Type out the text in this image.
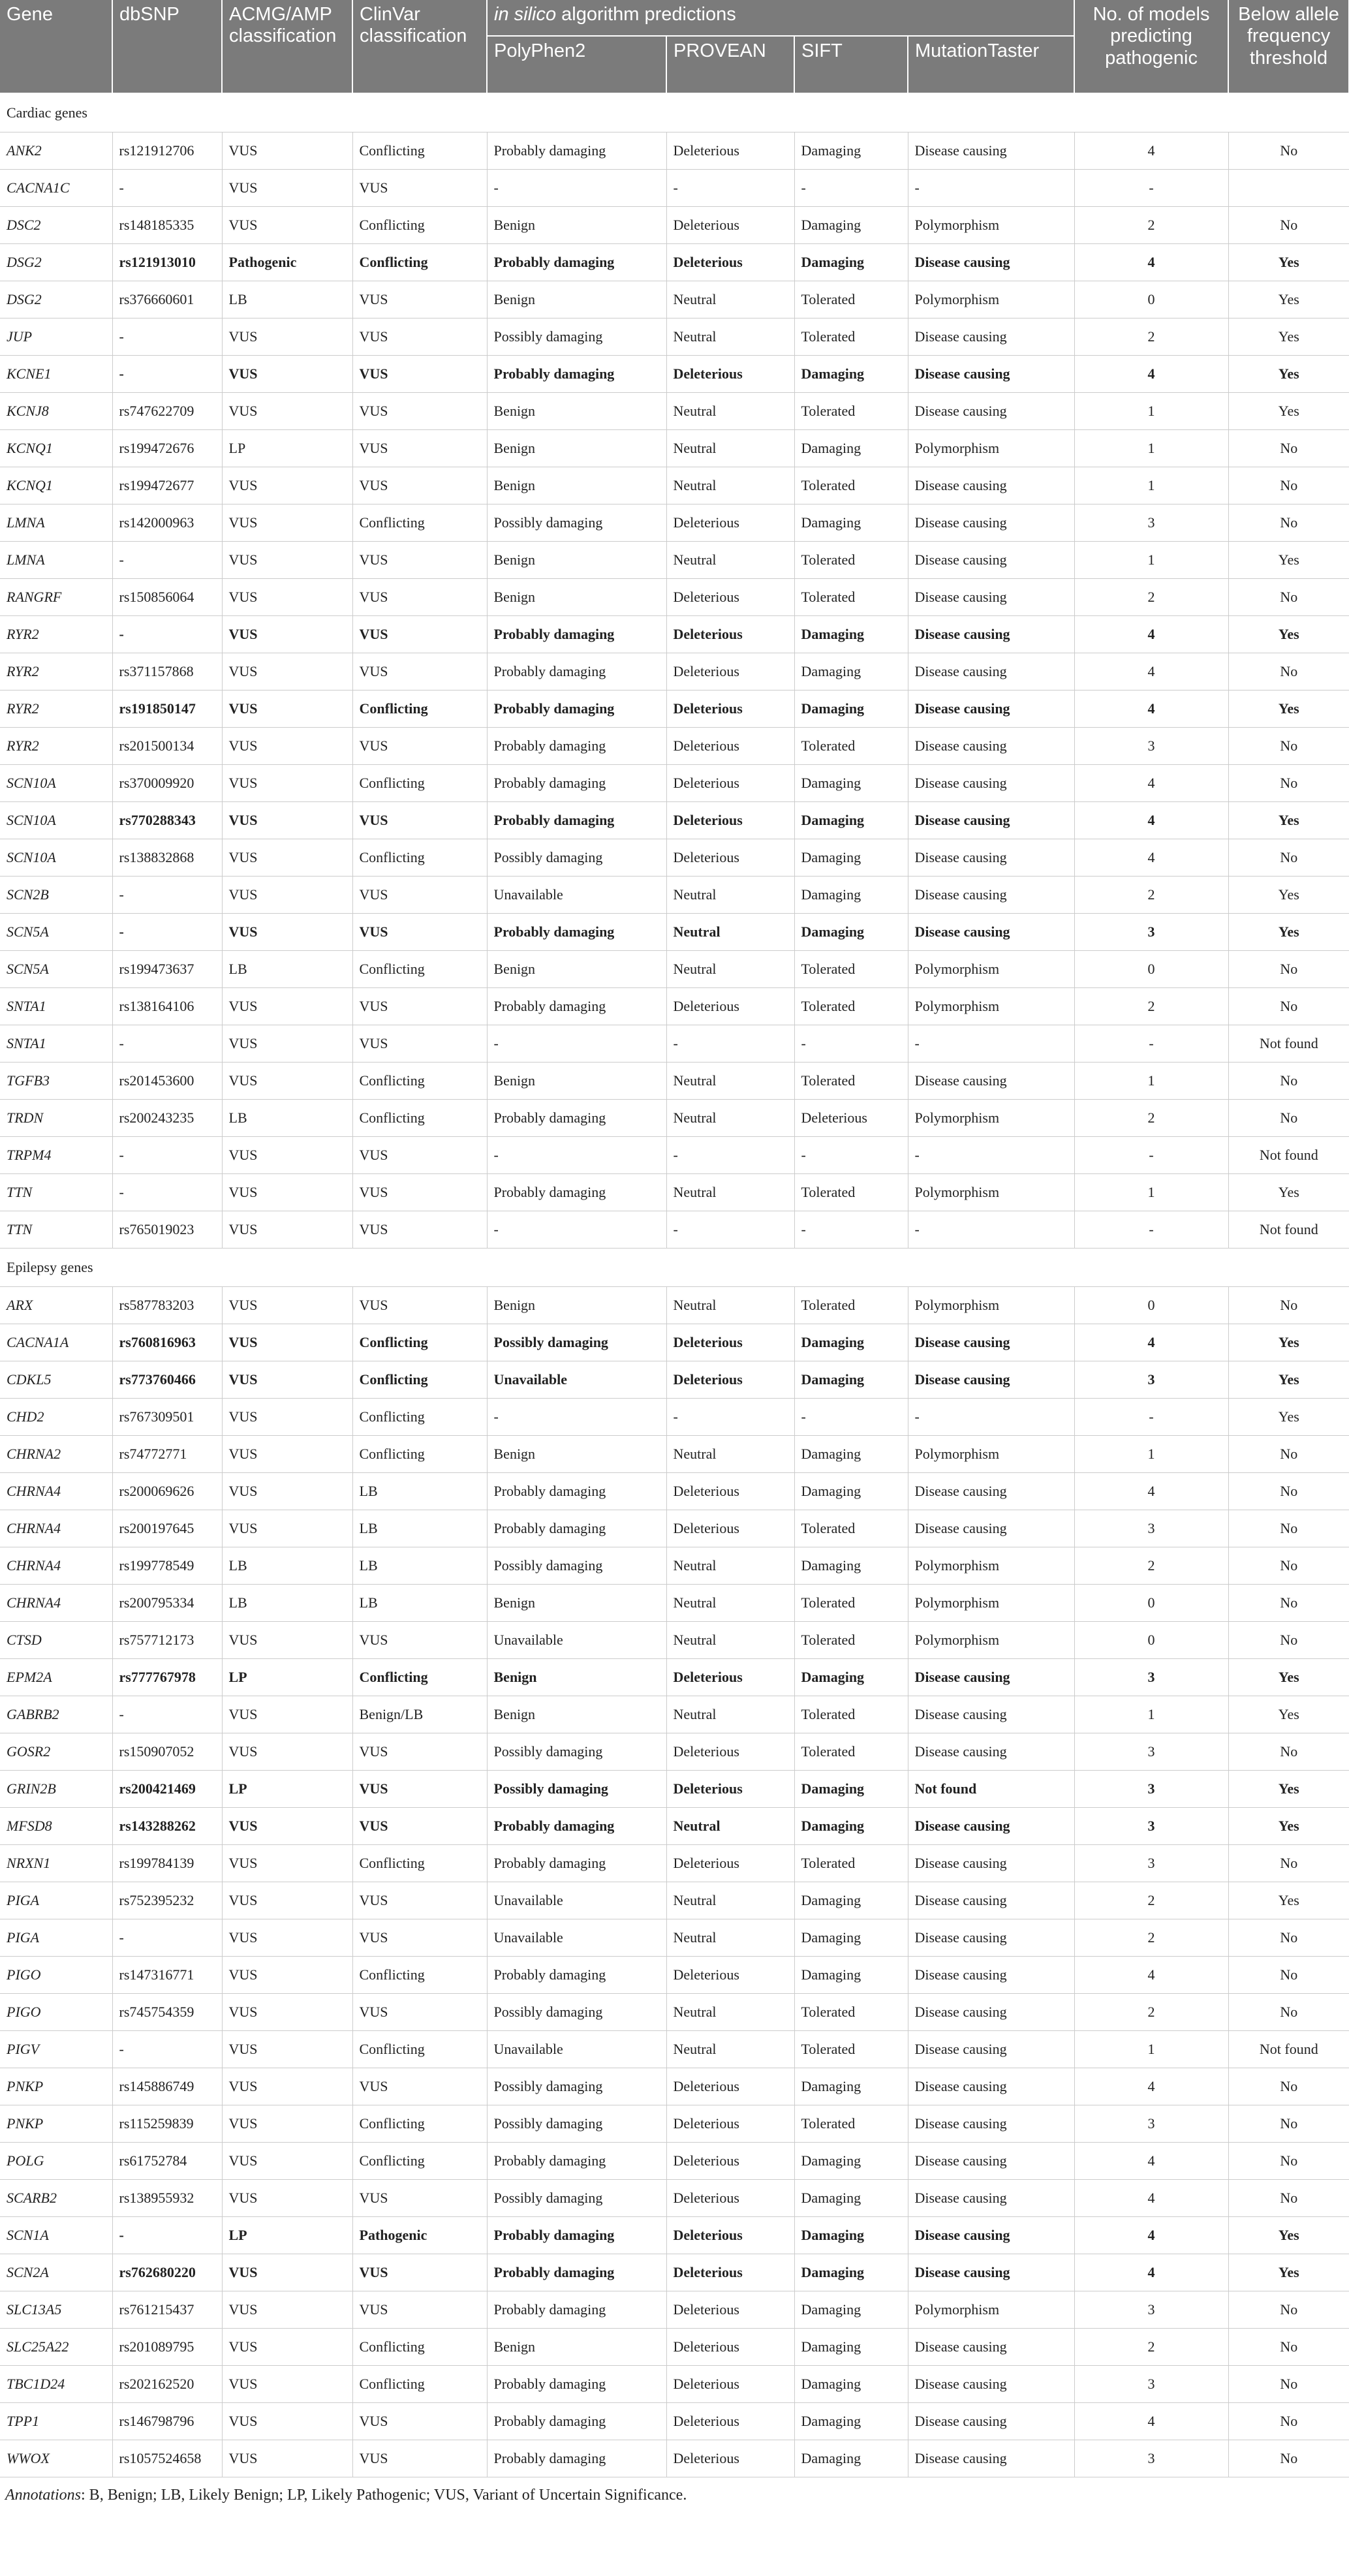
Gene	dbSNP	ACMG/AMP classification	ClinVar classification	in silico algorithm predictions				No. of models predicting pathogenic	Below allele frequency threshold
				PolyPhen2	PROVEAN	SIFT	MutationTaster		
Cardiac genes									
ANK2	rs121912706	VUS	Conflicting	Probably damaging	Deleterious	Damaging	Disease causing	4	No
CACNA1C	-	VUS	VUS	-	-	-	-	-	
DSC2	rs148185335	VUS	Conflicting	Benign	Deleterious	Damaging	Polymorphism	2	No
DSG2	rs121913010	Pathogenic	Conflicting	Probably damaging	Deleterious	Damaging	Disease causing	4	Yes
DSG2	rs376660601	LB	VUS	Benign	Neutral	Tolerated	Polymorphism	0	Yes
JUP	-	VUS	VUS	Possibly damaging	Neutral	Tolerated	Disease causing	2	Yes
KCNE1	-	VUS	VUS	Probably damaging	Deleterious	Damaging	Disease causing	4	Yes
KCNJ8	rs747622709	VUS	VUS	Benign	Neutral	Tolerated	Disease causing	1	Yes
KCNQ1	rs199472676	LP	VUS	Benign	Neutral	Damaging	Polymorphism	1	No
KCNQ1	rs199472677	VUS	VUS	Benign	Neutral	Tolerated	Disease causing	1	No
LMNA	rs142000963	VUS	Conflicting	Possibly damaging	Deleterious	Damaging	Disease causing	3	No
LMNA	-	VUS	VUS	Benign	Neutral	Tolerated	Disease causing	1	Yes
RANGRF	rs150856064	VUS	VUS	Benign	Deleterious	Tolerated	Disease causing	2	No
RYR2	-	VUS	VUS	Probably damaging	Deleterious	Damaging	Disease causing	4	Yes
RYR2	rs371157868	VUS	VUS	Probably damaging	Deleterious	Damaging	Disease causing	4	No
RYR2	rs191850147	VUS	Conflicting	Probably damaging	Deleterious	Damaging	Disease causing	4	Yes
RYR2	rs201500134	VUS	VUS	Probably damaging	Deleterious	Tolerated	Disease causing	3	No
SCN10A	rs370009920	VUS	Conflicting	Probably damaging	Deleterious	Damaging	Disease causing	4	No
SCN10A	rs770288343	VUS	VUS	Probably damaging	Deleterious	Damaging	Disease causing	4	Yes
SCN10A	rs138832868	VUS	Conflicting	Possibly damaging	Deleterious	Damaging	Disease causing	4	No
SCN2B	-	VUS	VUS	Unavailable	Neutral	Damaging	Disease causing	2	Yes
SCN5A	-	VUS	VUS	Probably damaging	Neutral	Damaging	Disease causing	3	Yes
SCN5A	rs199473637	LB	Conflicting	Benign	Neutral	Tolerated	Polymorphism	0	No
SNTA1	rs138164106	VUS	VUS	Probably damaging	Deleterious	Tolerated	Polymorphism	2	No
SNTA1	-	VUS	VUS	-	-	-	-	-	Not found
TGFB3	rs201453600	VUS	Conflicting	Benign	Neutral	Tolerated	Disease causing	1	No
TRDN	rs200243235	LB	Conflicting	Probably damaging	Neutral	Deleterious	Polymorphism	2	No
TRPM4	-	VUS	VUS	-	-	-	-	-	Not found
TTN	-	VUS	VUS	Probably damaging	Neutral	Tolerated	Polymorphism	1	Yes
TTN	rs765019023	VUS	VUS	-	-	-	-	-	Not found
Epilepsy genes									
ARX	rs587783203	VUS	VUS	Benign	Neutral	Tolerated	Polymorphism	0	No
CACNA1A	rs760816963	VUS	Conflicting	Possibly damaging	Deleterious	Damaging	Disease causing	4	Yes
CDKL5	rs773760466	VUS	Conflicting	Unavailable	Deleterious	Damaging	Disease causing	3	Yes
CHD2	rs767309501	VUS	Conflicting	-	-	-	-	-	Yes
CHRNA2	rs74772771	VUS	Conflicting	Benign	Neutral	Damaging	Polymorphism	1	No
CHRNA4	rs200069626	VUS	LB	Probably damaging	Deleterious	Damaging	Disease causing	4	No
CHRNA4	rs200197645	VUS	LB	Probably damaging	Deleterious	Tolerated	Disease causing	3	No
CHRNA4	rs199778549	LB	LB	Possibly damaging	Neutral	Damaging	Polymorphism	2	No
CHRNA4	rs200795334	LB	LB	Benign	Neutral	Tolerated	Polymorphism	0	No
CTSD	rs757712173	VUS	VUS	Unavailable	Neutral	Tolerated	Polymorphism	0	No
EPM2A	rs777767978	LP	Conflicting	Benign	Deleterious	Damaging	Disease causing	3	Yes
GABRB2	-	VUS	Benign/LB	Benign	Neutral	Tolerated	Disease causing	1	Yes
GOSR2	rs150907052	VUS	VUS	Possibly damaging	Deleterious	Tolerated	Disease causing	3	No
GRIN2B	rs200421469	LP	VUS	Possibly damaging	Deleterious	Damaging	Not found	3	Yes
MFSD8	rs143288262	VUS	VUS	Probably damaging	Neutral	Damaging	Disease causing	3	Yes
NRXN1	rs199784139	VUS	Conflicting	Probably damaging	Deleterious	Tolerated	Disease causing	3	No
PIGA	rs752395232	VUS	VUS	Unavailable	Neutral	Damaging	Disease causing	2	Yes
PIGA	-	VUS	VUS	Unavailable	Neutral	Damaging	Disease causing	2	No
PIGO	rs147316771	VUS	Conflicting	Probably damaging	Deleterious	Damaging	Disease causing	4	No
PIGO	rs745754359	VUS	VUS	Possibly damaging	Neutral	Tolerated	Disease causing	2	No
PIGV	-	VUS	Conflicting	Unavailable	Neutral	Tolerated	Disease causing	1	Not found
PNKP	rs145886749	VUS	VUS	Possibly damaging	Deleterious	Damaging	Disease causing	4	No
PNKP	rs115259839	VUS	Conflicting	Possibly damaging	Deleterious	Tolerated	Disease causing	3	No
POLG	rs61752784	VUS	Conflicting	Probably damaging	Deleterious	Damaging	Disease causing	4	No
SCARB2	rs138955932	VUS	VUS	Possibly damaging	Deleterious	Damaging	Disease causing	4	No
SCN1A	-	LP	Pathogenic	Probably damaging	Deleterious	Damaging	Disease causing	4	Yes
SCN2A	rs762680220	VUS	VUS	Probably damaging	Deleterious	Damaging	Disease causing	4	Yes
SLC13A5	rs761215437	VUS	VUS	Probably damaging	Deleterious	Damaging	Polymorphism	3	No
SLC25A22	rs201089795	VUS	Conflicting	Benign	Deleterious	Damaging	Disease causing	2	No
TBC1D24	rs202162520	VUS	Conflicting	Probably damaging	Deleterious	Damaging	Disease causing	3	No
TPP1	rs146798796	VUS	VUS	Probably damaging	Deleterious	Damaging	Disease causing	4	No
WWOX	rs1057524658	VUS	VUS	Probably damaging	Deleterious	Damaging	Disease causing	3	No
Annotations: B, Benign; LB, Likely Benign; LP, Likely Pathogenic; VUS, Variant of Uncertain Significance.
